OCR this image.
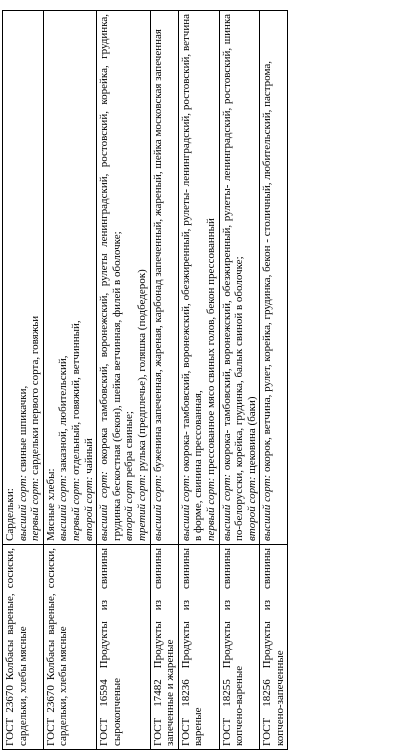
ГОСТ 23670 Колбасы вареные, сосиски, сардельки, хлебы мясные	Сардельки: высший сорт: свиные шпикачки,
первый сорт: сардельки первого сорта, говяжьи

ГОСТ 23670 Колбасы вареные, сосиски, сардельки, хлебы мясные	Мясные хлебы: высший сорт: заказной, любительский,
первый сорт: отдельный, говяжий, ветчинный,
второй сорт: чайный

ГОСТ 16594 Продукты из свинины сырокопченые	высший сорт: окорока тамбовский, воронежский, рулеты ленинградский, ростовский, корейка, грудинка, грудинка бескостная (бекон), шейка ветчинная, филей в оболочке; второй сорт ребра свиные;
третий сорт: рулька (предплечье), голяшка (подбедерок)

ГОСТ 17482 Продукты из свинины запеченные и жареные	высший сорт: буженина запеченная, жареная, карбонад запеченный, жареный, шейка московская запеченная

ГОСТ 18236 Продукты из свинины вареные	высший сорт: окорока- тамбовский, воронежский, обезжиренный, рулеты- ленинградский, ростовский, ветчина в форме, свинина прессованная, первый сорт: прессованное мясо свиных голов, бекон прессованный

ГОСТ 18255 Продукты из свинины копчено-вареные	высший сорт: окорока- тамбовский, воронежский, обезжиренный, рулеты- ленинградский, ростовский, шинка по-белорусски, корейка, грудинка, балык свиной в оболочке; второй сорт: щековина (баки)

ГОСТ 18256 Продукты из свинины копчено-запеченные	высший сорт: окорок, ветчина, рулет, корейка, грудинка, бекон - столичный, любительский, пастрома,
